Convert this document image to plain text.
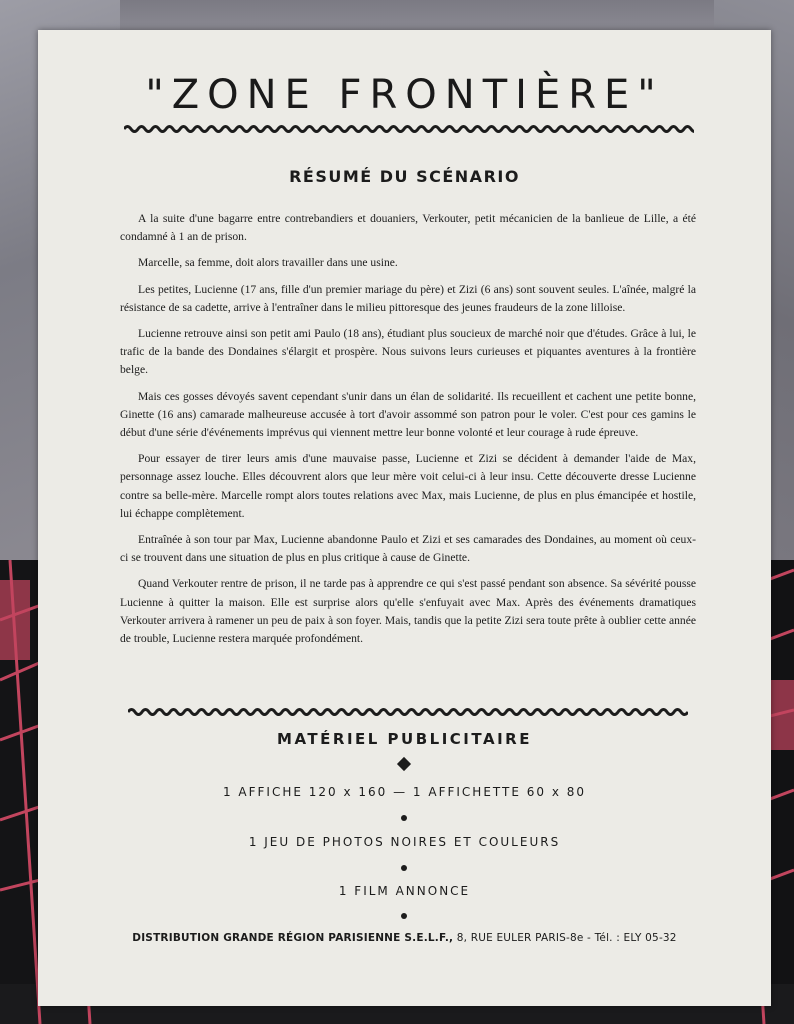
"ZONE FRONTIÈRE"
RÉSUMÉ DU SCÉNARIO

A la suite d'une bagarre entre contrebandiers et douaniers, Verkouter, petit mécanicien de la banlieue de Lille, a été condamné à 1 an de prison.

Marcelle, sa femme, doit alors travailler dans une usine.

Les petites, Lucienne (17 ans, fille d'un premier mariage du père) et Zizi (6 ans) sont souvent seules. L'aînée, malgré la résistance de sa cadette, arrive à l'entraîner dans le milieu pittoresque des jeunes fraudeurs de la zone lilloise.

Lucienne retrouve ainsi son petit ami Paulo (18 ans), étudiant plus soucieux de marché noir que d'études. Grâce à lui, le trafic de la bande des Dondaines s'élargit et prospère. Nous suivons leurs curieuses et piquantes aventures à la frontière belge.

Mais ces gosses dévoyés savent cependant s'unir dans un élan de solidarité. Ils recueillent et cachent une petite bonne, Ginette (16 ans) camarade malheureuse accusée à tort d'avoir assommé son patron pour le voler. C'est pour ces gamins le début d'une série d'événements imprévus qui viennent mettre leur bonne volonté et leur courage à rude épreuve.

Pour essayer de tirer leurs amis d'une mauvaise passe, Lucienne et Zizi se décident à demander l'aide de Max, personnage assez louche. Elles découvrent alors que leur mère voit celui-ci à leur insu. Cette découverte dresse Lucienne contre sa belle-mère. Marcelle rompt alors toutes relations avec Max, mais Lucienne, de plus en plus émancipée et hostile, lui échappe complètement.

Entraînée à son tour par Max, Lucienne abandonne Paulo et Zizi et ses camarades des Dondaines, au moment où ceux-ci se trouvent dans une situation de plus en plus critique à cause de Ginette.

Quand Verkouter rentre de prison, il ne tarde pas à apprendre ce qui s'est passé pendant son absence. Sa sévérité pousse Lucienne à quitter la maison. Elle est surprise alors qu'elle s'enfuyait avec Max. Après des événements dramatiques Verkouter arrivera à ramener un peu de paix à son foyer. Mais, tandis que la petite Zizi sera toute prête à oublier cette année de trouble, Lucienne restera marquée profondément.

MATÉRIEL PUBLICITAIRE
1 AFFICHE 120 x 160 — 1 AFFICHETTE 60 x 80
1 JEU DE PHOTOS NOIRES ET COULEURS
1 FILM ANNONCE
DISTRIBUTION GRANDE RÉGION PARISIENNE S.E.L.F., 8, RUE EULER PARIS-8e - Tél. : ELY 05-32
